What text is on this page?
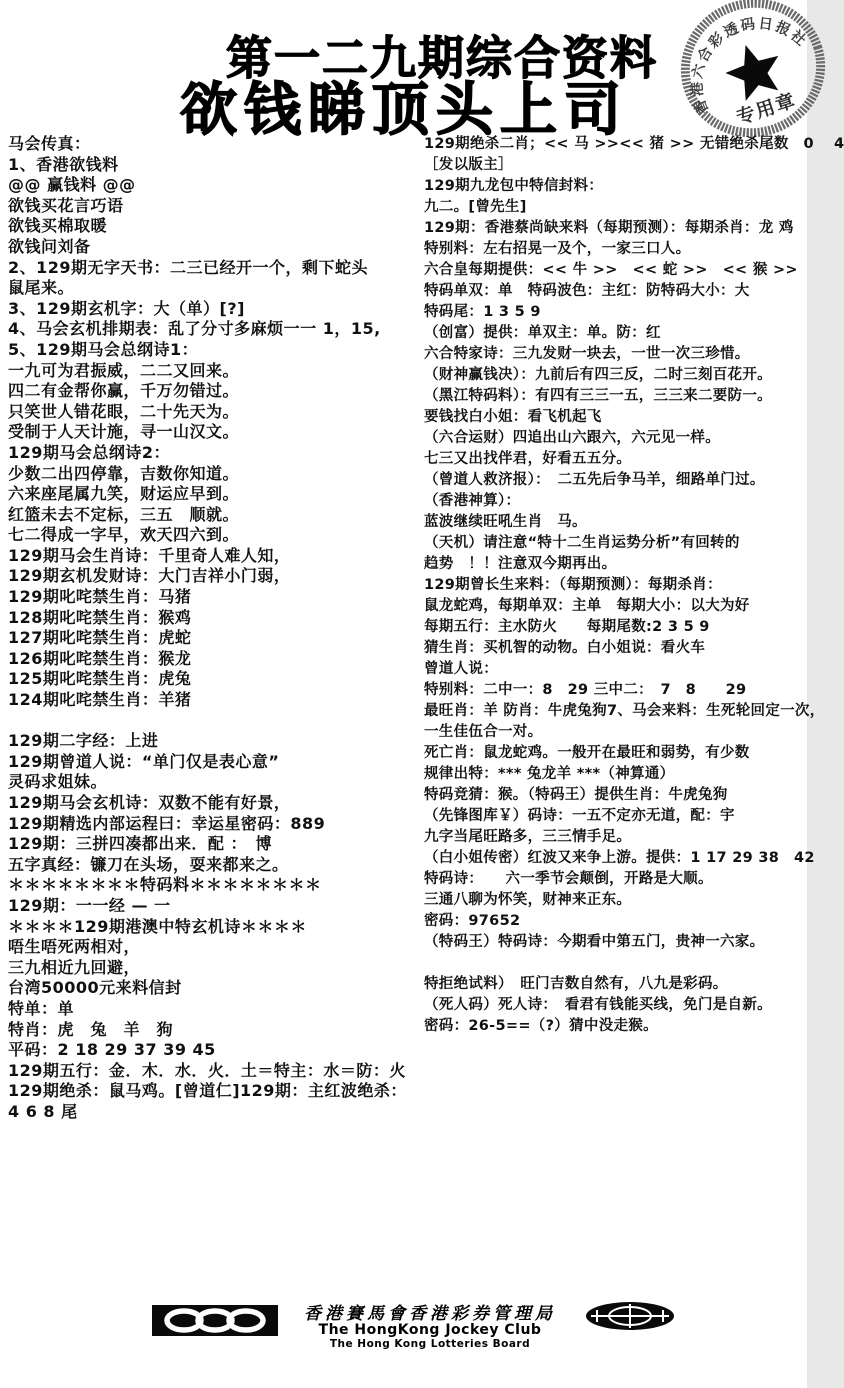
第一二九期综合资料
欲钱睇顶头上司	香港六合彩透码日报社
专用章
马会传真：
1、香港欲钱料
@@ 赢钱料 @@
欲钱买花言巧语
欲钱买棉取暖
欲钱问刘备
2、129期无字天书：二三已经开一个，剩下蛇头
鼠尾来。
3、129期玄机字：大（单）[?]
4、马会玄机排期表：乱了分寸多麻烦一一 1，15,
5、129期马会总纲诗1：
一九可为君振威，二二又回来。
四二有金帮你赢，千万勿错过。
只笑世人错花眼，二十先天为。
受制于人天计施，寻一山汉文。
129期马会总纲诗2：
少数二出四停靠，吉数你知道。
六来座尾属九笑，财运应早到。
红篮未去不定标，三五　顺就。
七二得成一字早，欢天四六到。
129期马会生肖诗：千里奇人难人知，
129期玄机发财诗：大门吉祥小门弱，
129期叱咤禁生肖：马猪
128期叱咤禁生肖：猴鸡
127期叱咤禁生肖：虎蛇
126期叱咤禁生肖：猴龙
125期叱咤禁生肖：虎兔
124期叱咤禁生肖：羊猪
129期二字经：上进
129期曾道人说：“单门仅是表心意”
灵码求姐妹。
129期马会玄机诗：双数不能有好景，
129期精选内部运程曰：幸运星密码：889
129期：三拼四凑都出来．配 ：　博
五字真经：镰刀在头场，耍来都来之。
＊＊＊＊＊＊＊＊特码料＊＊＊＊＊＊＊＊
129期：一一经 — 一
＊＊＊＊129期港澳中特玄机诗＊＊＊＊
唔生唔死两相对，
三九相近九回避，
台湾50000元来料信封
特单：单
特肖：虎　兔　羊　狗
平码：2 18 29 37 39 45
129期五行：金．木．水．火．土＝特主：水＝防：火
129期绝杀：鼠马鸡。[曾道仁]129期：主红波绝杀：
4 6 8 尾
129期绝杀二肖；<< 马 >><< 猪 >> 无错绝杀尾数　0　 4
［发以版主］
129期九龙包中特信封料：
九二。[曾先生]
129期：香港蔡尚缺来料（每期预测）：每期杀肖：龙 鸡
特别料：左右招晃一及个，一家三口人。
六合皇每期提供：<< 牛 >>　<< 蛇 >>　<< 猴 >>
特码单双：单　特码波色：主红：防特码大小：大
特码尾：1 3 5 9
（创富）提供：单双主：单。防：红
六合特家诗：三九发财一块去，一世一次三珍惜。
（财神赢钱决）：九前后有四三反，二时三刻百花开。
（黑江特码料）：有四有三三一五，三三来二要防一。
要钱找白小姐：看飞机起飞
（六合运财）四追出山六跟六，六元见一样。
七三又出找伴君，好看五五分。
（曾道人救济报）：　二五先后争马羊，细路单门过。
（香港神算）：
蓝波继续旺吼生肖　马。
（天机）请注意“特十二生肖运势分析”有回转的
趋势　！！注意双今期再出。
129期曾长生来料：（每期预测）：每期杀肖：
鼠龙蛇鸡，每期单双：主单　每期大小：以大为好
每期五行：主水防火　　每期尾数:2 3 5 9
猜生肖：买机智的动物。白小姐说：看火车
曾道人说：
特别料：二中一：8　29 三中二：　7　8　　29
最旺肖：羊 防肖：牛虎兔狗7、马会来料：生死轮回定一次，
一生佳伍合一对。
死亡肖：鼠龙蛇鸡。一般开在最旺和弱势，有少数
规律出特：*** 兔龙羊 ***（神算通）
特码竞猜：猴。（特码王）提供生肖：牛虎兔狗
（先锋图库￥）码诗：一五不定亦无道，配：宇
九字当尾旺路多，三三情手足。
（白小姐传密）红波又来争上游。提供：1 17 29 38　42
特码诗：　　六一季节会颠倒，开路是大顺。
三通八聊为怀笑，财神来正东。
密码：97652
（特码王）特码诗：今期看中第五门，贵神一六家。
特拒绝试料）　旺门吉数自然有，八九是彩码。
（死人码）死人诗：　看君有钱能买线，免门是自新。
密码：26-5==（?）猜中没走猴。
香港賽馬會香港彩券管理局
The HongKong Jockey Club
The Hong Kong Lotteries Board
